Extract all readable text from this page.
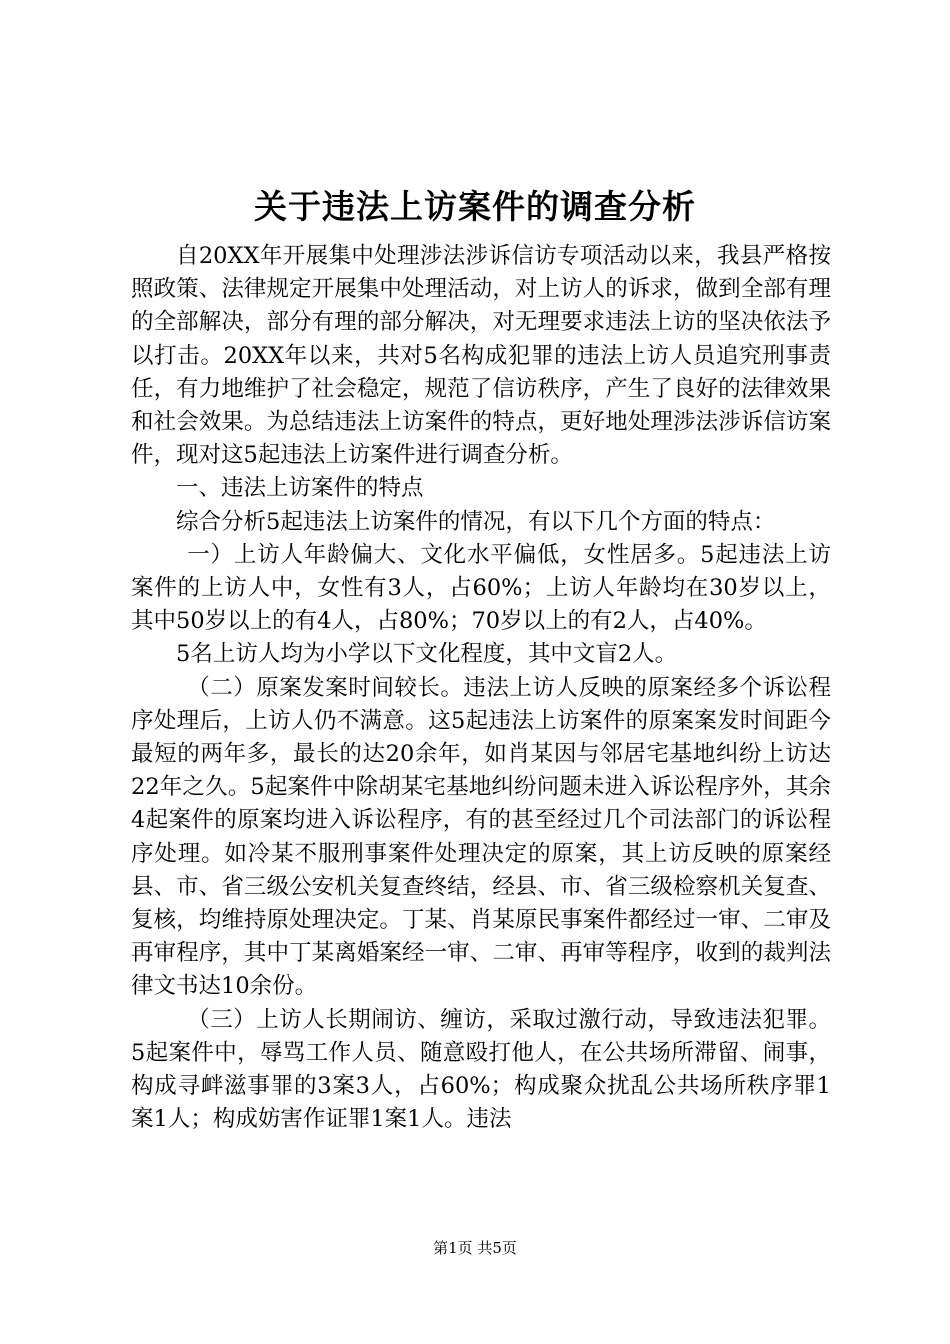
关于违法上访案件的调查分析

自20XX年开展集中处理涉法涉诉信访专项活动以来，我县严格按照政策、法律规定开展集中处理活动，对上访人的诉求，做到全部有理的全部解决，部分有理的部分解决，对无理要求违法上访的坚决依法予以打击。20XX年以来，共对5名构成犯罪的违法上访人员追究刑事责任，有力地维护了社会稳定，规范了信访秩序，产生了良好的法律效果和社会效果。为总结违法上访案件的特点，更好地处理涉法涉诉信访案件，现对这5起违法上访案件进行调查分析。

一、违法上访案件的特点

综合分析5起违法上访案件的情况，有以下几个方面的特点：

一）上访人年龄偏大、文化水平偏低，女性居多。5起违法上访案件的上访人中，女性有3人，占60%；上访人年龄均在30岁以上，其中50岁以上的有4人，占80%；70岁以上的有2人，占40%。

5名上访人均为小学以下文化程度，其中文盲2人。

（二）原案发案时间较长。违法上访人反映的原案经多个诉讼程序处理后，上访人仍不满意。这5起违法上访案件的原案案发时间距今最短的两年多，最长的达20余年，如肖某因与邻居宅基地纠纷上访达22年之久。5起案件中除胡某宅基地纠纷问题未进入诉讼程序外，其余4起案件的原案均进入诉讼程序，有的甚至经过几个司法部门的诉讼程序处理。如冷某不服刑事案件处理决定的原案，其上访反映的原案经县、市、省三级公安机关复查终结，经县、市、省三级检察机关复查、复核，均维持原处理决定。丁某、肖某原民事案件都经过一审、二审及再审程序，其中丁某离婚案经一审、二审、再审等程序，收到的裁判法律文书达10余份。

（三）上访人长期闹访、缠访，采取过激行动，导致违法犯罪。5起案件中，辱骂工作人员、随意殴打他人，在公共场所滞留、闹事，构成寻衅滋事罪的3案3人，占60%；构成聚众扰乱公共场所秩序罪1案1人；构成妨害作证罪1案1人。违法

第1页 共5页
